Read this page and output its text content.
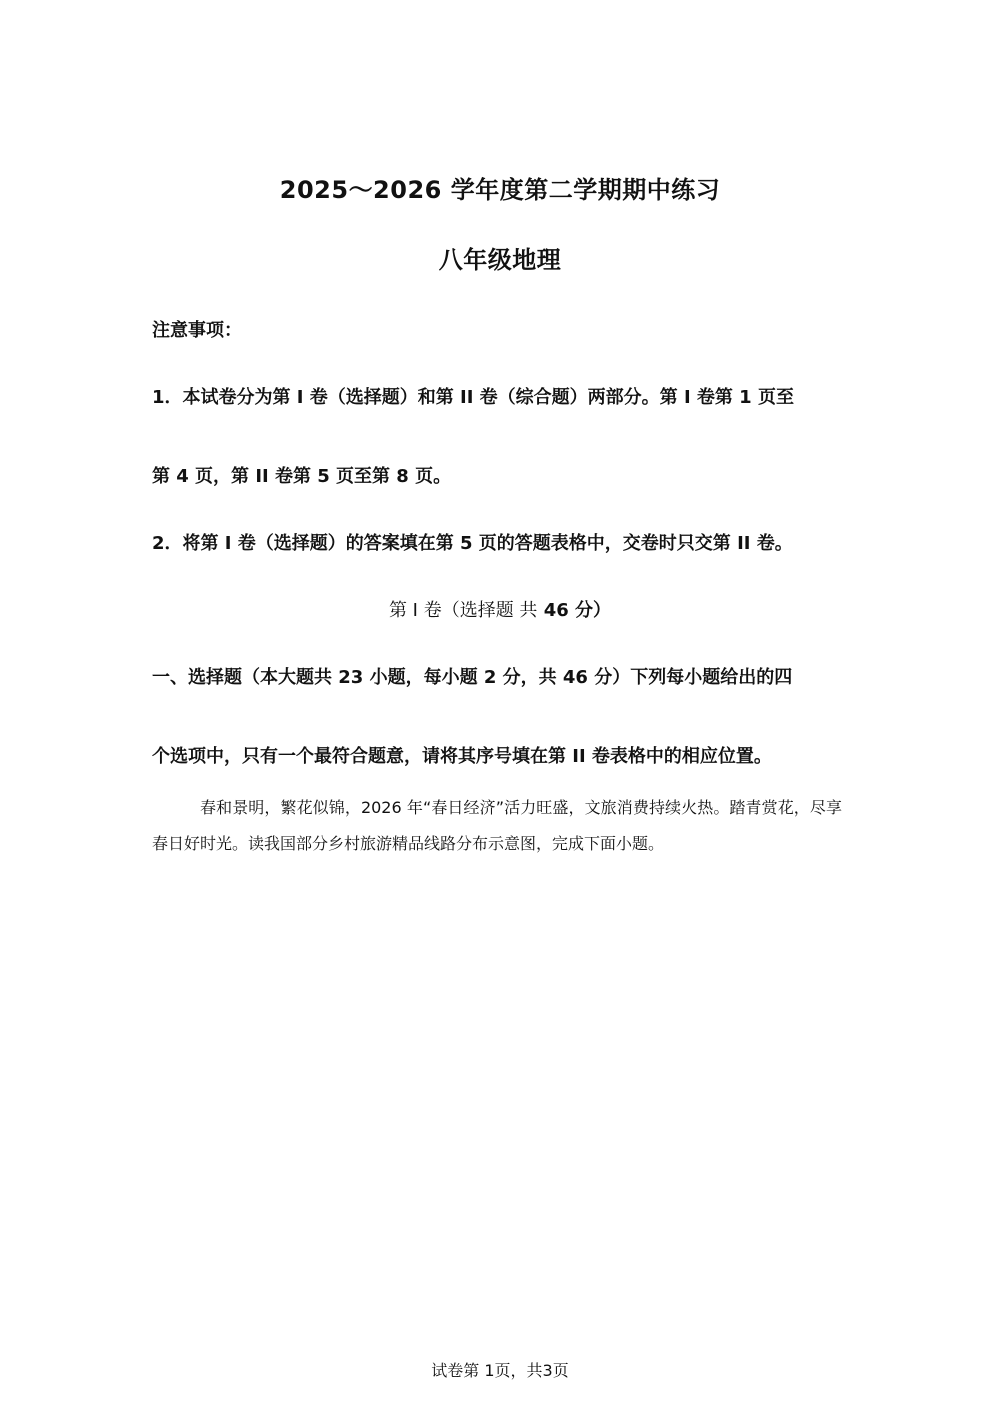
2025～2026 学年度第二学期期中练习
八年级地理
注意事项：
1．本试卷分为第 I 卷（选择题）和第 II 卷（综合题）两部分。第 I 卷第 1 页至
第 4 页，第 II 卷第 5 页至第 8 页。
2．将第 I 卷（选择题）的答案填在第 5 页的答题表格中，交卷时只交第 II 卷。
第 Ⅰ 卷（选择题 共 46 分）
一、选择题（本大题共 23 小题，每小题 2 分，共 46 分）下列每小题给出的四
个选项中，只有一个最符合题意，请将其序号填在第 II 卷表格中的相应位置。
春和景明，繁花似锦，2026 年“春日经济”活力旺盛，文旅消费持续火热。踏青赏花，尽享春日好时光。读我国部分乡村旅游精品线路分布示意图，完成下面小题。
试卷第 1页，共3页
